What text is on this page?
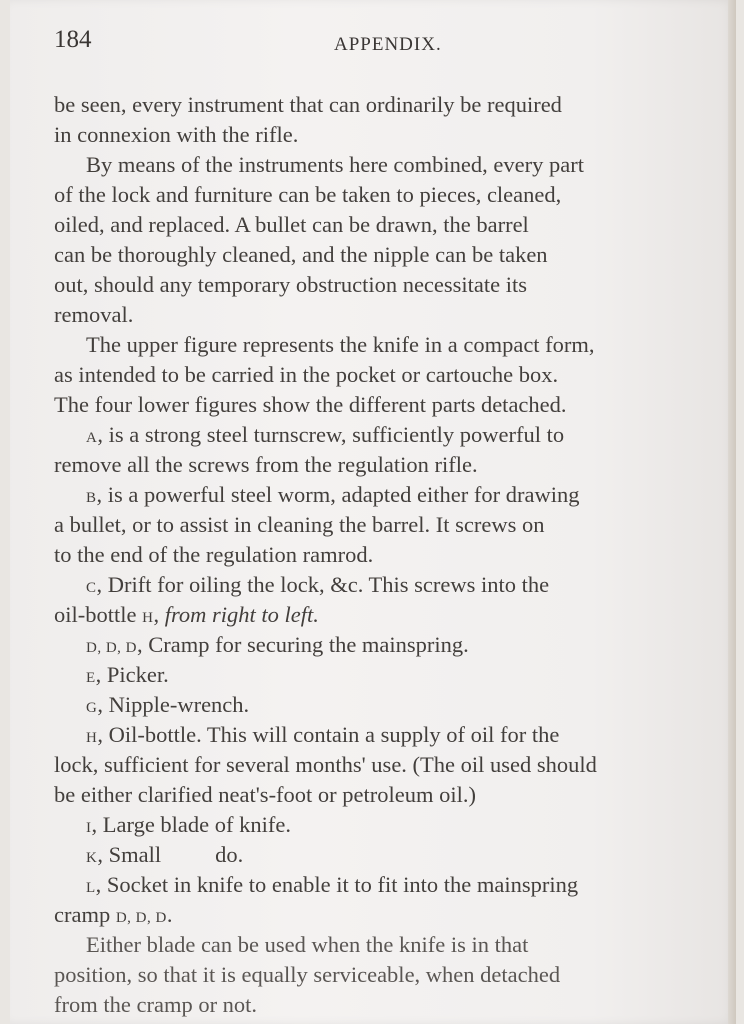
184	APPENDIX.
be seen, every instrument that can ordinarily be required
in connexion with the rifle.
By means of the instruments here combined, every part
of the lock and furniture can be taken to pieces, cleaned,
oiled, and replaced. A bullet can be drawn, the barrel
can be thoroughly cleaned, and the nipple can be taken
out, should any temporary obstruction necessitate its
removal.
The upper figure represents the knife in a compact form,
as intended to be carried in the pocket or cartouche box.
The four lower figures show the different parts detached.
A, is a strong steel turnscrew, sufficiently powerful to
remove all the screws from the regulation rifle.
B, is a powerful steel worm, adapted either for drawing
a bullet, or to assist in cleaning the barrel. It screws on
to the end of the regulation ramrod.
C, Drift for oiling the lock, &c. This screws into the
oil-bottle H, from right to left.
D, D, D, Cramp for securing the mainspring.
E, Picker.
G, Nipple-wrench.
H, Oil-bottle. This will contain a supply of oil for the
lock, sufficient for several months' use. (The oil used should
be either clarified neat's-foot or petroleum oil.)
I, Large blade of knife.
K, Small do.
L, Socket in knife to enable it to fit into the mainspring
cramp D, D, D.
Either blade can be used when the knife is in that
position, so that it is equally serviceable, when detached
from the cramp or not.
